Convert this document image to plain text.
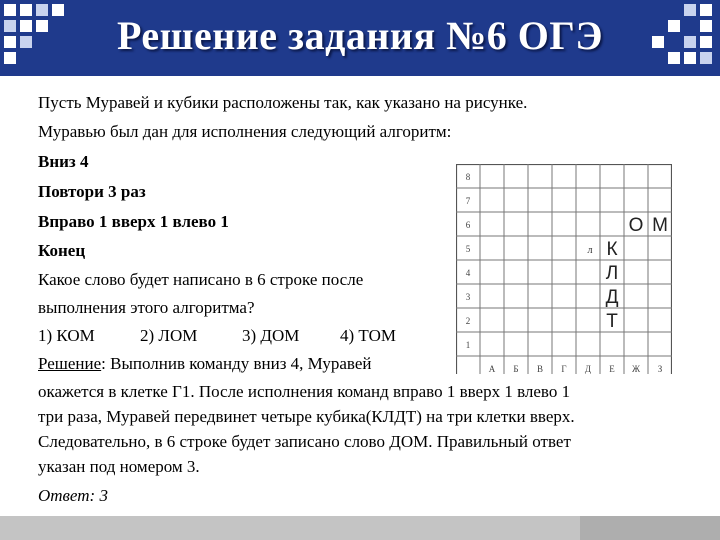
Решение задания №6 ОГЭ
Пусть Муравей и кубики расположены так, как указано на рисунке.
Муравью был дан для исполнения следующий алгоритм:
Вниз 4
Повтори 3 раз
Вправо 1 вверх 1 влево 1
Конец
Какое слово будет написано в 6 строке после
выполнения этого алгоритма?
1) КОМ	2) ЛОМ	3) ДОМ 4) ТОМ
Решение: Выполнив команду вниз 4, Муравей
окажется в клетке Г1. После исполнения команд вправо 1 вверх 1 влево 1
три раза, Муравей передвинет четыре кубика(КЛДТ) на три клетки вверх.
Следовательно, в 6 строке будет записано слово ДОМ. Правильный ответ
указан под номером 3.
Ответ: 3
8
7
6
5
4
3
2
1
А Б В Г Д Е Ж З
О М
К
Л
Д
Т
л
